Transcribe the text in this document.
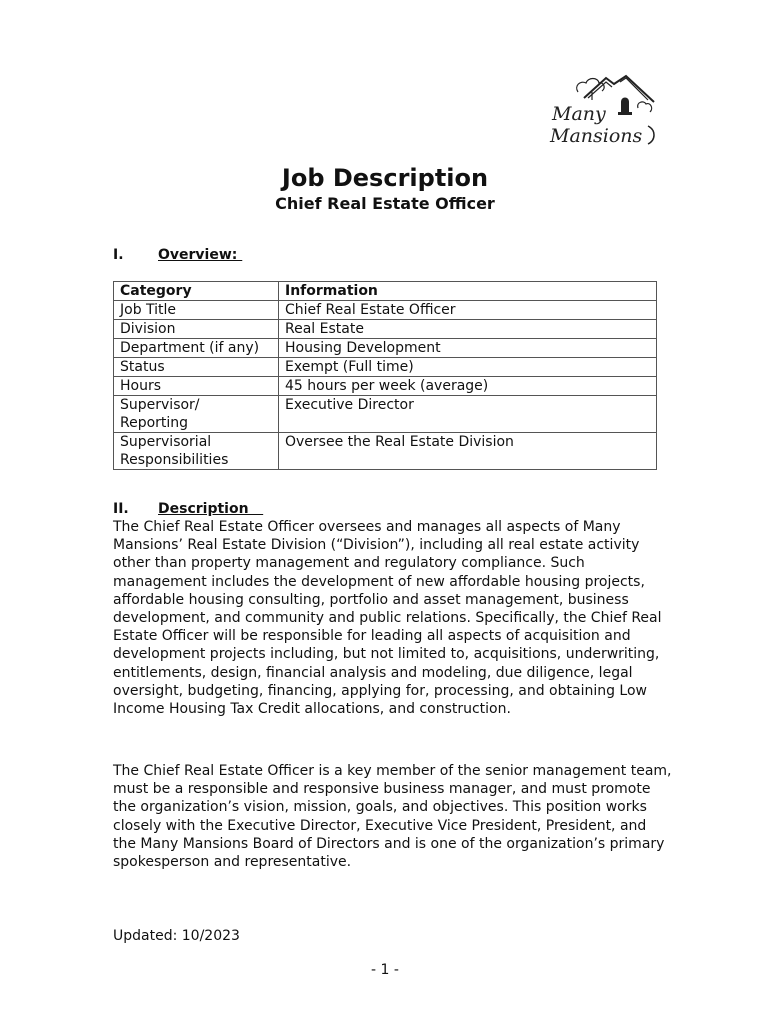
Many
Mansions
Job Description
Chief Real Estate Officer
I. Overview:
Category	Information
Job Title	Chief Real Estate Officer
Division	Real Estate
Department (if any)	Housing Development
Status	Exempt (Full time)
Hours	45 hours per week (average)
Supervisor/ Reporting	Executive Director
Supervisorial Responsibilities	Oversee the Real Estate Division
II. Description

The Chief Real Estate Officer oversees and manages all aspects of Many Mansions’ Real Estate Division (“Division”), including all real estate activity other than property management and regulatory compliance. Such management includes the development of new affordable housing projects, affordable housing consulting, portfolio and asset management, business development, and community and public relations. Specifically, the Chief Real Estate Officer will be responsible for leading all aspects of acquisition and development projects including, but not limited to, acquisitions, underwriting, entitlements, design, financial analysis and modeling, due diligence, legal oversight, budgeting, financing, applying for, processing, and obtaining Low Income Housing Tax Credit allocations, and construction.

The Chief Real Estate Officer is a key member of the senior management team, must be a responsible and responsive business manager, and must promote the organization’s vision, mission, goals, and objectives. This position works closely with the Executive Director, Executive Vice President, President, and the Many Mansions Board of Directors and is one of the organization’s primary spokesperson and representative.

Updated: 10/2023
- 1 -
